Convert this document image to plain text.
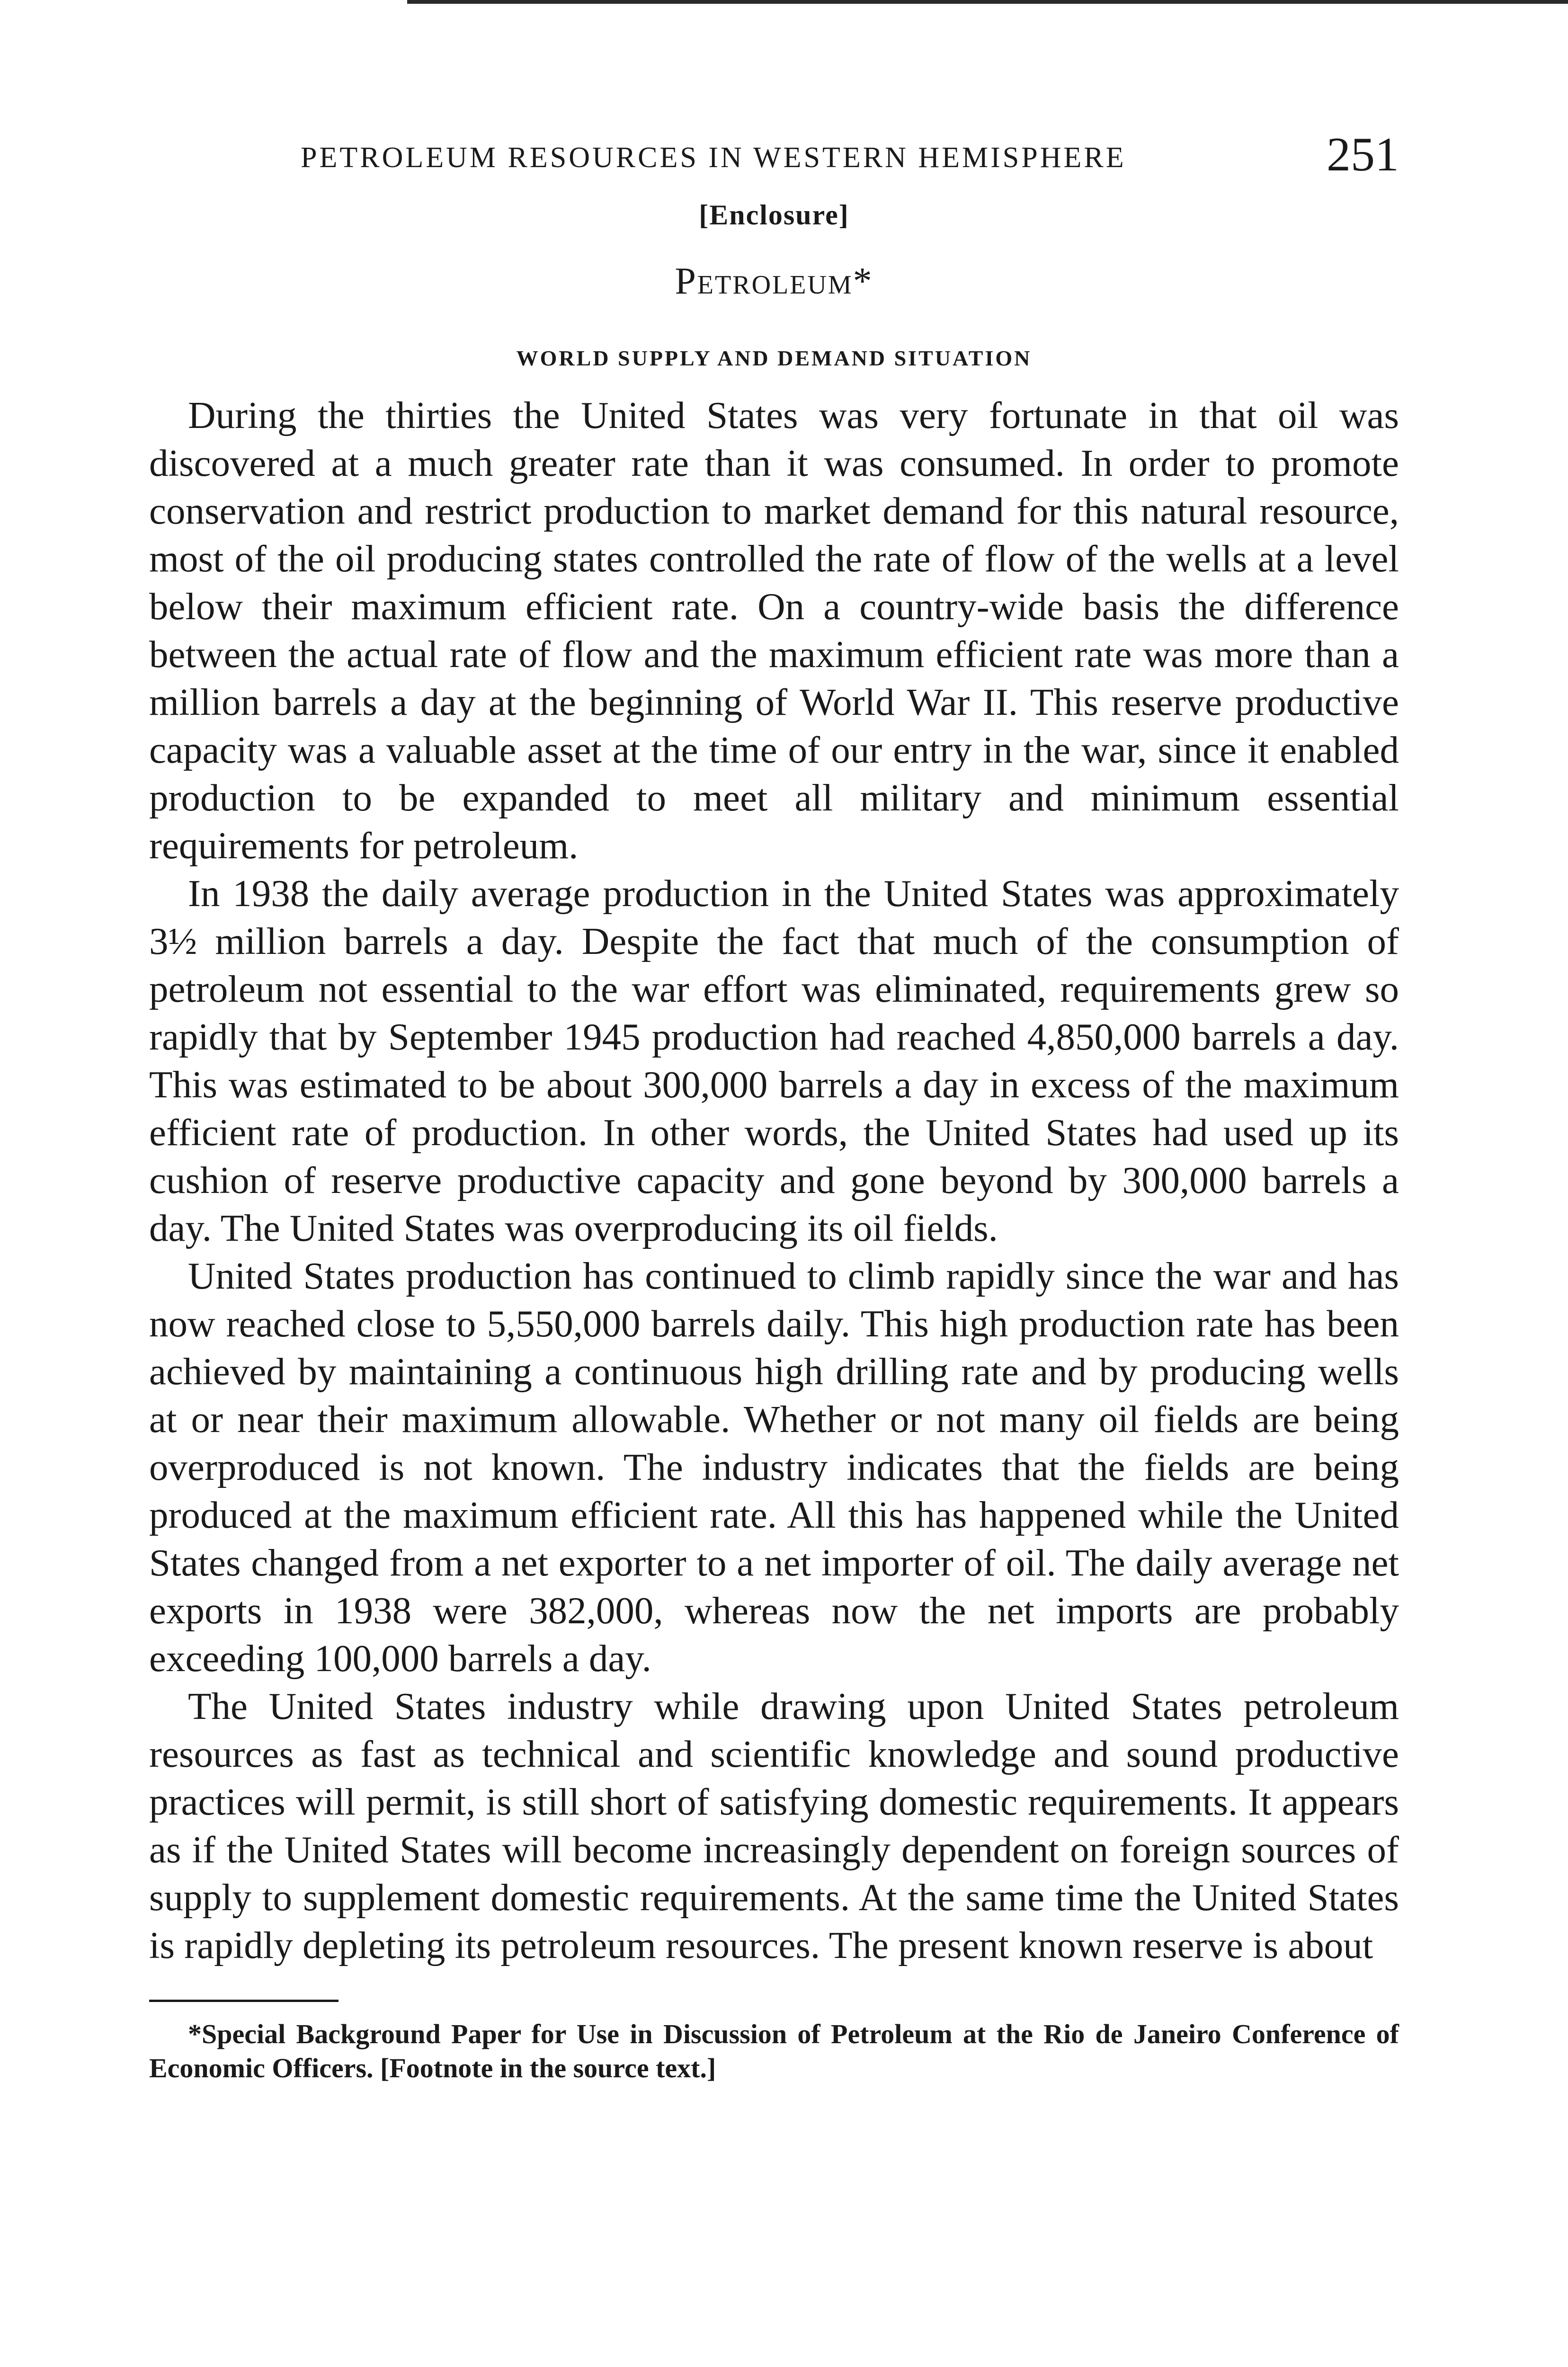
PETROLEUM RESOURCES IN WESTERN HEMISPHERE	251
[Enclosure]
Petroleum*
WORLD SUPPLY AND DEMAND SITUATION

During the thirties the United States was very fortunate in that oil was discovered at a much greater rate than it was consumed. In order to promote conservation and restrict production to market demand for this natural resource, most of the oil producing states controlled the rate of flow of the wells at a level below their maximum efficient rate. On a country-wide basis the difference between the actual rate of flow and the maximum efficient rate was more than a million barrels a day at the beginning of World War II. This reserve productive capacity was a valuable asset at the time of our entry in the war, since it enabled production to be expanded to meet all military and minimum essential requirements for petroleum.

In 1938 the daily average production in the United States was approximately 3½ million barrels a day. Despite the fact that much of the consumption of petroleum not essential to the war effort was eliminated, requirements grew so rapidly that by September 1945 production had reached 4,850,000 barrels a day. This was estimated to be about 300,000 barrels a day in excess of the maximum efficient rate of production. In other words, the United States had used up its cushion of reserve productive capacity and gone beyond by 300,000 barrels a day. The United States was overproducing its oil fields.

United States production has continued to climb rapidly since the war and has now reached close to 5,550,000 barrels daily. This high production rate has been achieved by maintaining a continuous high drilling rate and by producing wells at or near their maximum allowable. Whether or not many oil fields are being overproduced is not known. The industry indicates that the fields are being produced at the maximum efficient rate. All this has happened while the United States changed from a net exporter to a net importer of oil. The daily average net exports in 1938 were 382,000, whereas now the net imports are probably exceeding 100,000 barrels a day.

The United States industry while drawing upon United States petroleum resources as fast as technical and scientific knowledge and sound productive practices will permit, is still short of satisfying domestic requirements. It appears as if the United States will become increasingly dependent on foreign sources of supply to supplement domestic requirements. At the same time the United States is rapidly depleting its petroleum resources. The present known reserve is about

*Special Background Paper for Use in Discussion of Petroleum at the Rio de Janeiro Conference of Economic Officers. [Footnote in the source text.]
